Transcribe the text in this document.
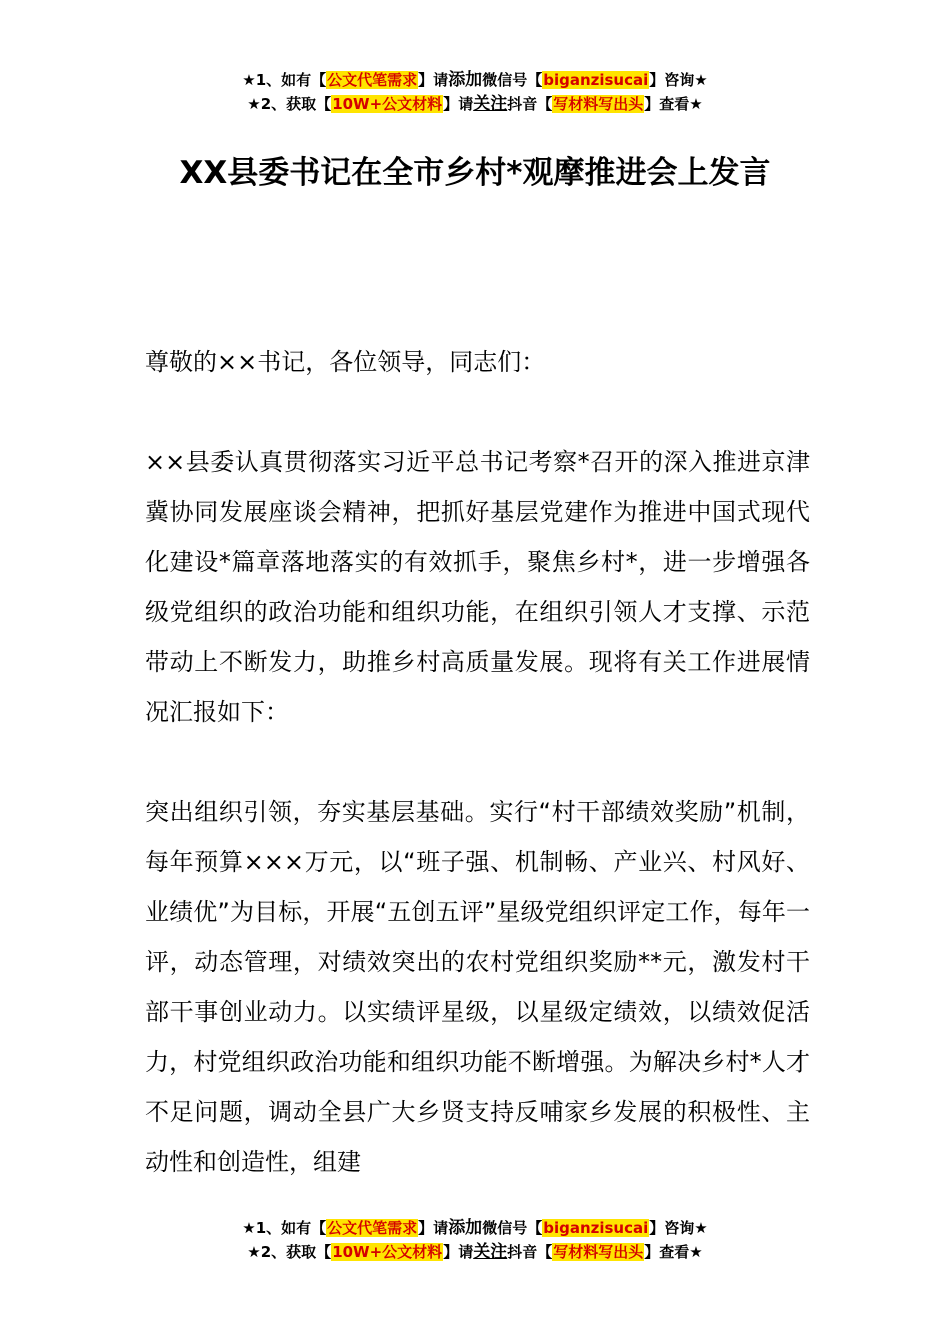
★1、如有【公文代笔需求】请添加微信号【biganzisucai】咨询★
★2、获取【10W+公文材料】请关注抖音【写材料写出头】查看★
XX县委书记在全市乡村*观摩推进会上发言

尊敬的××书记，各位领导，同志们：

××县委认真贯彻落实习近平总书记考察*召开的深入推进京津冀协同发展座谈会精神，把抓好基层党建作为推进中国式现代化建设*篇章落地落实的有效抓手，聚焦乡村*，进一步增强各级党组织的政治功能和组织功能，在组织引领人才支撑、示范带动上不断发力，助推乡村高质量发展。现将有关工作进展情况汇报如下：

突出组织引领，夯实基层基础。实行“村干部绩效奖励”机制，每年预算×××万元，以“班子强、机制畅、产业兴、村风好、业绩优”为目标，开展“五创五评”星级党组织评定工作，每年一评，动态管理，对绩效突出的农村党组织奖励**元，激发村干部干事创业动力。以实绩评星级，以星级定绩效，以绩效促活力，村党组织政治功能和组织功能不断增强。为解决乡村*人才不足问题，调动全县广大乡贤支持反哺家乡发展的积极性、主动性和创造性，组建

★1、如有【公文代笔需求】请添加微信号【biganzisucai】咨询★
★2、获取【10W+公文材料】请关注抖音【写材料写出头】查看★
